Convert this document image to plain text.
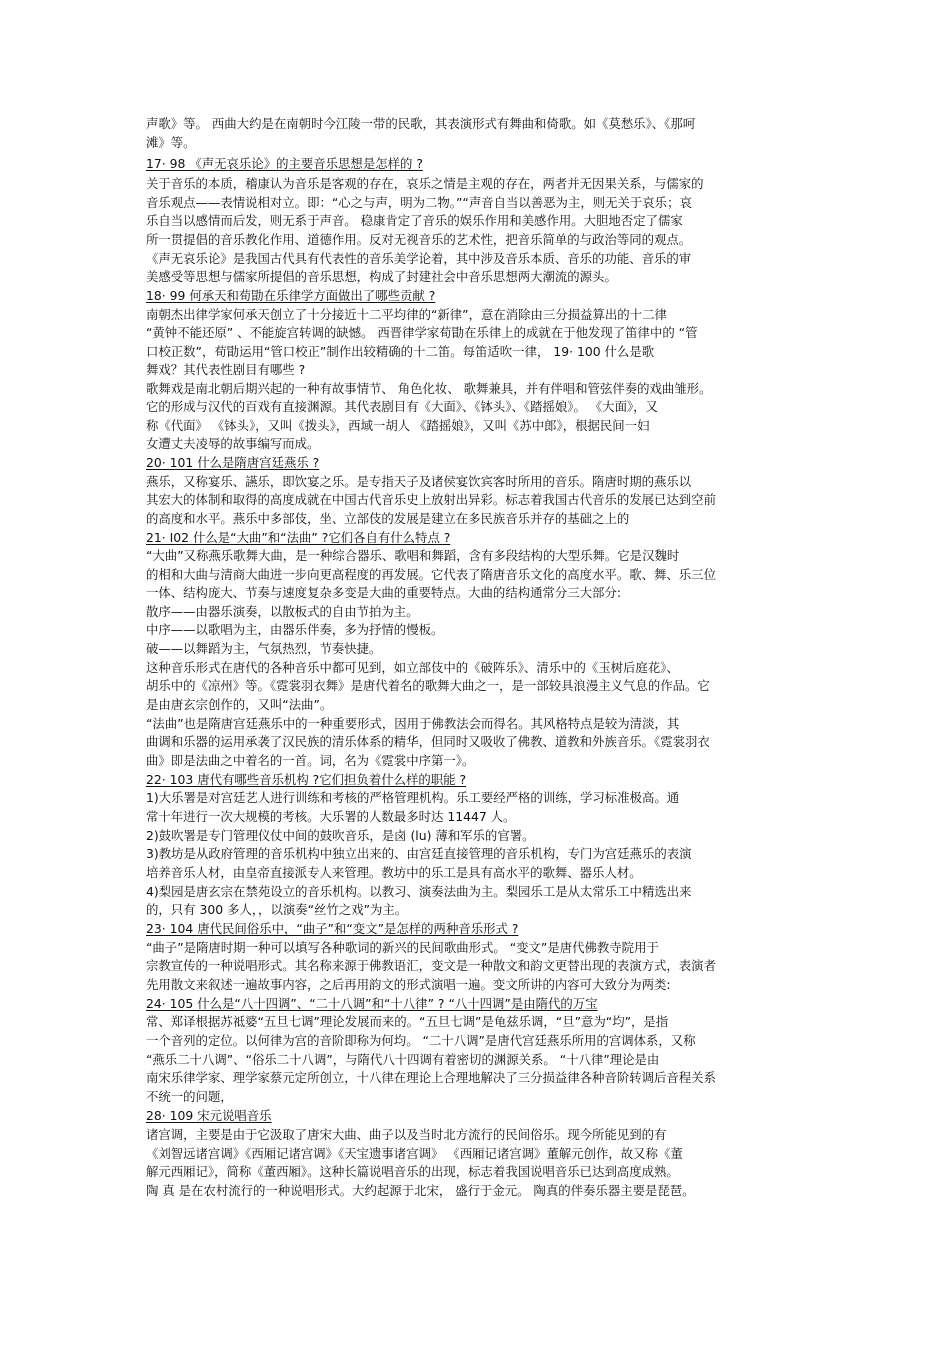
声歌》等。 西曲大约是在南朝时今江陵一带的民歌，其表演形式有舞曲和倚歌。如《莫愁乐》、《那呵
滩》等。
17· 98 《声无哀乐论》的主要音乐思想是怎样的 ?
关于音乐的本质，稽康认为音乐是客观的存在，哀乐之情是主观的存在，两者并无因果关系，与儒家的
音乐观点——表情说相对立。即：“心之与声，明为二物。”“声音自当以善恶为主，则无关于哀乐；哀
乐自当以感情而后发，则无系于声音。 稳康肯定了音乐的娱乐作用和美感作用。大胆地否定了儒家
所一贯提倡的音乐教化作用、道德作用。反对无视音乐的艺术性，把音乐简单的与政治等同的观点。
《声无哀乐论》是我国古代具有代表性的音乐美学论着，其中涉及音乐本质、音乐的功能、音乐的审
美感受等思想与儒家所提倡的音乐思想，构成了封建社会中音乐思想两大潮流的源头。
18· 99 何承天和荀勖在乐律学方面做出了哪些贡献 ?
南朝杰出律学家何承天创立了十分接近十二平均律的“新律”，意在消除由三分损益算出的十二律
“黄钟不能还原” 、不能旋宫转调的缺憾。 西晋律学家荀勖在乐律上的成就在于他发现了笛律中的 “管
口校正数”，荀勖运用“管口校正”制作出较精确的十二笛。每笛适吹一律， 19· 100 什么是歌
舞戏？其代表性剧目有哪些 ?
歌舞戏是南北朝后期兴起的一种有故事情节、 角色化妆、 歌舞兼具，并有伴唱和管弦伴奏的戏曲雏形。
它的形成与汉代的百戏有直接渊源。其代表剧目有《大面》、《钵头》、《踏摇娘》。 《大面》，又
称《代面》 《钵头》，又叫《拨头》，西域一胡人 《踏摇娘》，又叫《苏中郎》，根据民间一妇
女遭丈夫凌辱的故事编写而成。
20· 101 什么是隋唐宫廷燕乐 ?
燕乐，又称宴乐、讌乐，即饮宴之乐。是专指天子及诸侯宴饮宾客时所用的音乐。隋唐时期的燕乐以
其宏大的体制和取得的高度成就在中国古代音乐史上放射出异彩。标志着我国古代音乐的发展已达到空前
的高度和水平。燕乐中多部伎，坐、立部伎的发展是建立在多民族音乐并存的基础之上的
21· I02 什么是“大曲”和“法曲” ?它们各自有什么特点 ?
“大曲”又称燕乐歌舞大曲，是一种综合器乐、歌唱和舞蹈，含有多段结构的大型乐舞。它是汉魏时
的相和大曲与清商大曲进一步向更高程度的再发展。它代表了隋唐音乐文化的高度水平。歌、舞、乐三位
一体、结构庞大、节奏与速度复杂多变是大曲的重要特点。大曲的结构通常分三大部分:
散序——由器乐演奏，以散板式的自由节拍为主。
中序——以歌唱为主，由器乐伴奏，多为抒情的慢板。
破——以舞蹈为主，气氛热烈，节奏快捷。
这种音乐形式在唐代的各种音乐中都可见到，如立部伎中的《破阵乐》、清乐中的《玉树后庭花》、
胡乐中的《凉州》等。《霓裳羽衣舞》是唐代着名的歌舞大曲之一，是一部较具浪漫主义气息的作品。它
是由唐玄宗创作的，又叫“法曲”。
“法曲”也是隋唐宫廷燕乐中的一种重要形式，因用于佛教法会而得名。其风格特点是较为清淡，其
曲调和乐器的运用承袭了汉民族的清乐体系的精华，但同时又吸收了佛教、道教和外族音乐。《霓裳羽衣
曲》即是法曲之中着名的一首。词，名为《霓裳中序第一》。
22· 103 唐代有哪些音乐机构 ?它们担负着什么样的职能 ?
1)大乐署是对宫廷艺人进行训练和考核的严格管理机构。乐工要经严格的训练，学习标准极高。通
常十年进行一次大规模的考核。大乐署的人数最多时达 11447 人。
2)鼓吹署是专门管理仪仗中间的鼓吹音乐，是卤 (lu) 薄和军乐的官署。
3)教坊是从政府管理的音乐机构中独立出来的、由宫廷直接管理的音乐机构，专门为宫廷燕乐的表演
培养音乐人材，由皇帝直接派专人来管理。教坊中的乐工是具有高水平的歌舞、器乐人材。
4)梨园是唐玄宗在禁苑设立的音乐机构。以教习、演奏法曲为主。梨园乐工是从太常乐工中精选出来
的，只有 300 多人，，以演奏“丝竹之戏”为主。
23· 104 唐代民间俗乐中，“曲子”和“变文”是怎样的两种音乐形式 ?
“曲子”是隋唐时期一种可以填写各种歌词的新兴的民间歌曲形式。 “变文”是唐代佛教寺院用于
宗教宣传的一种说唱形式。其名称来源于佛教语汇，变文是一种散文和韵文更替出现的表演方式，表演者
先用散文来叙述一遍故事内容，之后再用韵文的形式演唱一遍。变文所讲的内容可大致分为两类:
24· 105 什么是“八十四调”、“二十八调”和“十八律” ? “八十四调”是由隋代的万宝
常、郑译根据苏祗婆“五旦七调”理论发展而来的。“五旦七调”是龟兹乐调，“旦”意为“均”，是指
一个音列的定位。以何律为宫的音阶即称为何均。 “二十八调”是唐代宫廷燕乐所用的宫调体系，又称
“燕乐二十八调”、“俗乐二十八调”，与隋代八十四调有着密切的渊源关系。 “十八律”理论是由
南宋乐律学家、理学家蔡元定所创立，十八律在理论上合理地解决了三分损益律各种音阶转调后音程关系
不统一的问题，
28· 109 宋元说唱音乐
诸宫调，主要是由于它汲取了唐宋大曲、曲子以及当时北方流行的民间俗乐。现今所能见到的有
《刘智远诸宫调》《西厢记诸宫调》《天宝遗事诸宫调》 《西厢记诸宫调》董解元创作，故又称《董
解元西厢记》，简称《董西厢》。这种长篇说唱音乐的出现，标志着我国说唱音乐已达到高度成熟。
陶 真 是在农村流行的一种说唱形式。大约起源于北宋， 盛行于金元。 陶真的伴奏乐器主要是琵琶。
